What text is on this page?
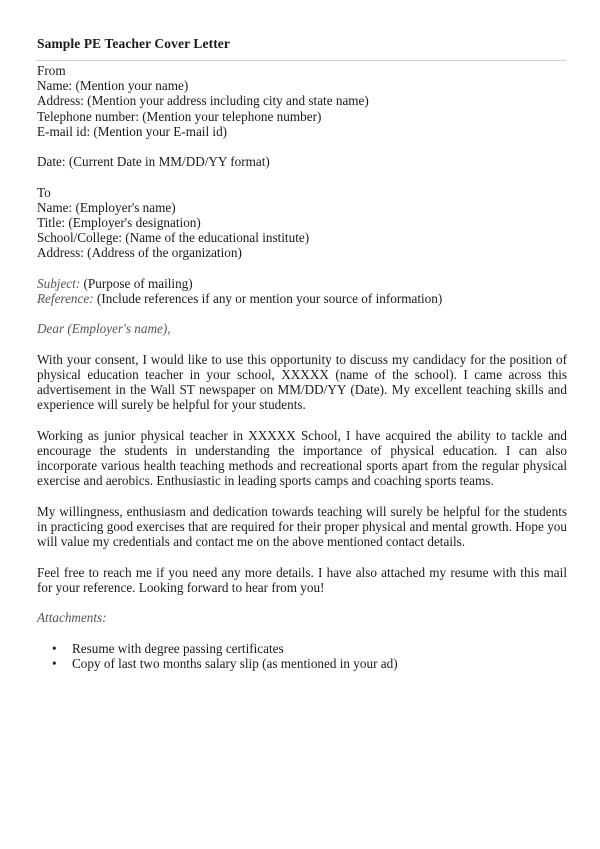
Sample PE Teacher Cover Letter
From
Name: (Mention your name)
Address: (Mention your address including city and state name)
Telephone number: (Mention your telephone number)
E-mail id: (Mention your E-mail id)
Date: (Current Date in MM/DD/YY format)
To
Name: (Employer's name)
Title: (Employer's designation)
School/College: (Name of the educational institute)
Address: (Address of the organization)
Subject: (Purpose of mailing)
Reference: (Include references if any or mention your source of information)
Dear (Employer's name),

With your consent, I would like to use this opportunity to discuss my candidacy for the position of physical education teacher in your school, XXXXX (name of the school). I came across this advertisement in the Wall ST newspaper on MM/DD/YY (Date). My excellent teaching skills and experience will surely be helpful for your students.

Working as junior physical teacher in XXXXX School, I have acquired the ability to tackle and encourage the students in understanding the importance of physical education. I can also incorporate various health teaching methods and recreational sports apart from the regular physical exercise and aerobics. Enthusiastic in leading sports camps and coaching sports teams.

My willingness, enthusiasm and dedication towards teaching will surely be helpful for the students in practicing good exercises that are required for their proper physical and mental growth. Hope you will value my credentials and contact me on the above mentioned contact details.

Feel free to reach me if you need any more details. I have also attached my resume with this mail for your reference. Looking forward to hear from you!

Attachments:
• Resume with degree passing certificates
• Copy of last two months salary slip (as mentioned in your ad)
